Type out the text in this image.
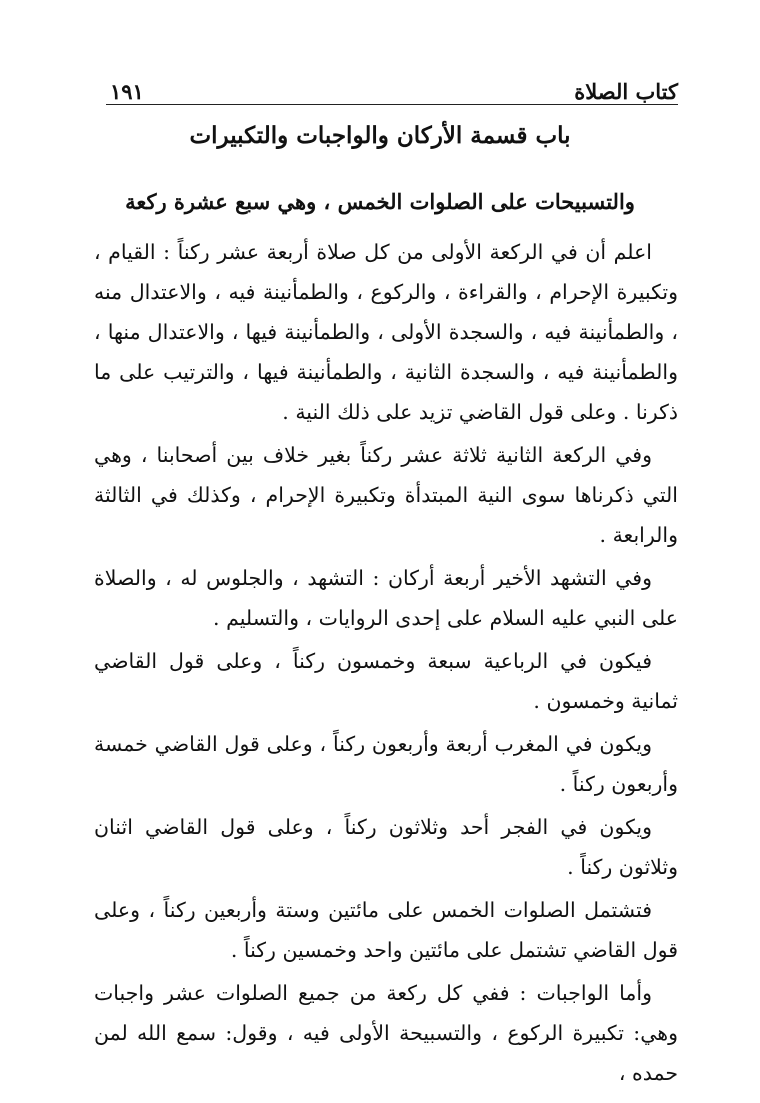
كتاب الصلاة
١٩١
باب قسمة الأركان والواجبات والتكبيرات
والتسبيحات على الصلوات الخمس ، وهي سبع عشرة ركعة

اعلم أن في الركعة الأولى من كل صلاة أربعة عشر ركناً : القيام ، وتكبيرة الإحرام ، والقراءة ، والركوع ، والطمأنينة فيه ، والاعتدال منه ، والطمأنينة فيه ، والسجدة الأولى ، والطمأنينة فيها ، والاعتدال منها ، والطمأنينة فيه ، والسجدة الثانية ، والطمأنينة فيها ، والترتيب على ما ذكرنا . وعلى قول القاضي تزيد على ذلك النية .

وفي الركعة الثانية ثلاثة عشر ركناً بغير خلاف بين أصحابنا ، وهي التي ذكرناها سوى النية المبتدأة وتكبيرة الإحرام ، وكذلك في الثالثة والرابعة .

وفي التشهد الأخير أربعة أركان : التشهد ، والجلوس له ، والصلاة على النبي عليه السلام على إحدى الروايات ، والتسليم .

فيكون في الرباعية سبعة وخمسون ركناً ، وعلى قول القاضي ثمانية وخمسون .

ويكون في المغرب أربعة وأربعون ركناً ، وعلى قول القاضي خمسة وأربعون ركناً .

ويكون في الفجر أحد وثلاثون ركناً ، وعلى قول القاضي اثنان وثلاثون ركناً .

فتشتمل الصلوات الخمس على مائتين وستة وأربعين ركناً ، وعلى قول القاضي تشتمل على مائتين واحد وخمسين ركناً .

وأما الواجبات : ففي كل ركعة من جميع الصلوات عشر واجبات وهي: تكبيرة الركوع ، والتسبيحة الأولى فيه ، وقول: سمع الله لمن حمده ،
